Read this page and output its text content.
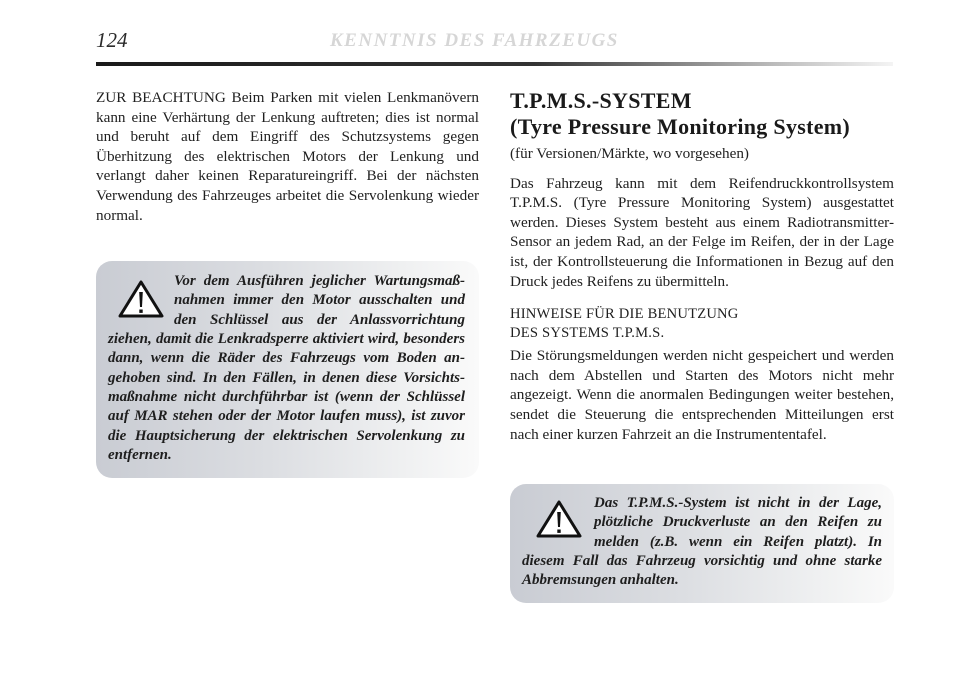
124	KENNTNIS DES FAHRZEUGS

ZUR BEACHTUNG Beim Parken mit vielen Lenkmanövern kann eine Verhärtung der Lenkung auftreten; dies ist normal und beruht auf dem Eingriff des Schutzsystems gegen Überhitzung des elektrischen Motors der Lenkung und verlangt daher keinen Reparatureingriff. Bei der nächsten Verwendung des Fahrzeuges arbeitet die Servolenkung wieder normal.

Vor dem Ausführen jeglicher Wartungsmaßnahmen immer den Motor ausschalten und den Schlüssel aus der Anlassvorrichtung ziehen, damit die Lenkradsperre aktiviert wird, besonders dann, wenn die Räder des Fahrzeugs vom Boden angehoben sind. In den Fällen, in denen diese Vorsichtsmaßnahme nicht durchführbar ist (wenn der Schlüssel auf MAR stehen oder der Motor laufen muss), ist zuvor die Hauptsicherung der elektrischen Servolenkung zu entfernen.
T.P.M.S.-SYSTEM
(Tyre Pressure Monitoring System)

(für Versionen/Märkte, wo vorgesehen)

Das Fahrzeug kann mit dem Reifendruckkontrollsystem T.P.M.S. (Tyre Pressure Monitoring System) ausgestattet werden. Dieses System besteht aus einem Radiotransmitter-Sensor an jedem Rad, an der Felge im Reifen, der in der Lage ist, der Kontrollsteuerung die Informationen in Bezug auf den Druck jedes Reifens zu übermitteln.

HINWEISE FÜR DIE BENUTZUNG
DES SYSTEMS T.P.M.S.

Die Störungsmeldungen werden nicht gespeichert und werden nach dem Abstellen und Starten des Motors nicht mehr angezeigt. Wenn die anormalen Bedingungen weiter bestehen, sendet die Steuerung die entsprechenden Mitteilungen erst nach einer kurzen Fahrzeit an die Instrumententafel.

Das T.P.M.S.-System ist nicht in der Lage, plötzliche Druckverluste an den Reifen zu melden (z.B. wenn ein Reifen platzt). In diesem Fall das Fahrzeug vorsichtig und ohne starke Abbremsungen anhalten.
